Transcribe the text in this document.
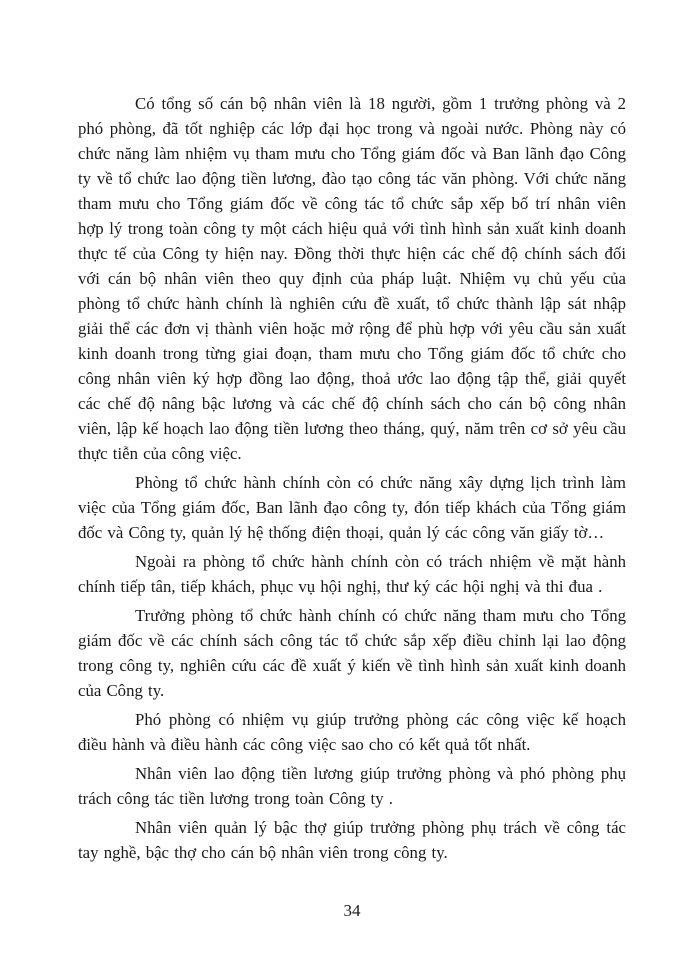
Có tổng số cán bộ nhân viên là 18 người, gồm 1 trưởng phòng và 2 phó phòng, đã tốt nghiệp các lớp đại học trong và ngoài nước. Phòng này có chức năng làm nhiệm vụ tham mưu cho Tổng giám đốc và Ban lãnh đạo Công ty về tổ chức lao động tiền lương, đào tạo công tác văn phòng. Với chức năng tham mưu cho Tổng giám đốc về công tác tổ chức sắp xếp bố trí nhân viên hợp lý trong toàn công ty một cách hiệu quả với tình hình sản xuất kinh doanh thực tế của Công ty hiện nay. Đồng thời thực hiện các chế độ chính sách đối với cán bộ nhân viên theo quy định của pháp luật. Nhiệm vụ chủ yếu của phòng tổ chức hành chính là nghiên cứu đề xuất, tổ chức thành lập sát nhập giải thể các đơn vị thành viên hoặc mở rộng để phù hợp với yêu cầu sản xuất kinh doanh trong từng giai đoạn, tham mưu cho Tổng giám đốc tổ chức cho công nhân viên ký hợp đồng lao động, thoả ước lao động tập thể, giải quyết các chế độ nâng bậc lương và các chế độ chính sách cho cán bộ công nhân viên, lập kế hoạch lao động tiền lương theo tháng, quý, năm trên cơ sở yêu cầu thực tiễn của công việc.

Phòng tổ chức hành chính còn có chức năng xây dựng lịch trình làm việc của Tổng giám đốc, Ban lãnh đạo công ty, đón tiếp khách của Tổng giám đốc và Công ty, quản lý hệ thống điện thoại, quản lý các công văn giấy tờ…

Ngoài ra phòng tổ chức hành chính còn có trách nhiệm về mặt hành chính tiếp tân, tiếp khách, phục vụ hội nghị, thư ký các hội nghị và thi đua .

Trưởng phòng tổ chức hành chính có chức năng tham mưu cho Tổng giám đốc về các chính sách công tác tổ chức sắp xếp điều chỉnh lại lao động trong công ty, nghiên cứu các đề xuất ý kiến về tình hình sản xuất kinh doanh của Công ty.

Phó phòng có nhiệm vụ giúp trưởng phòng các công việc kế hoạch điều hành và điều hành các công việc sao cho có kết quả tốt nhất.

Nhân viên lao động tiền lương giúp trưởng phòng và phó phòng phụ trách công tác tiền lương trong toàn Công ty .

Nhân viên quản lý bậc thợ giúp trưởng phòng phụ trách về công tác tay nghề, bậc thợ cho cán bộ nhân viên trong công ty.

34
